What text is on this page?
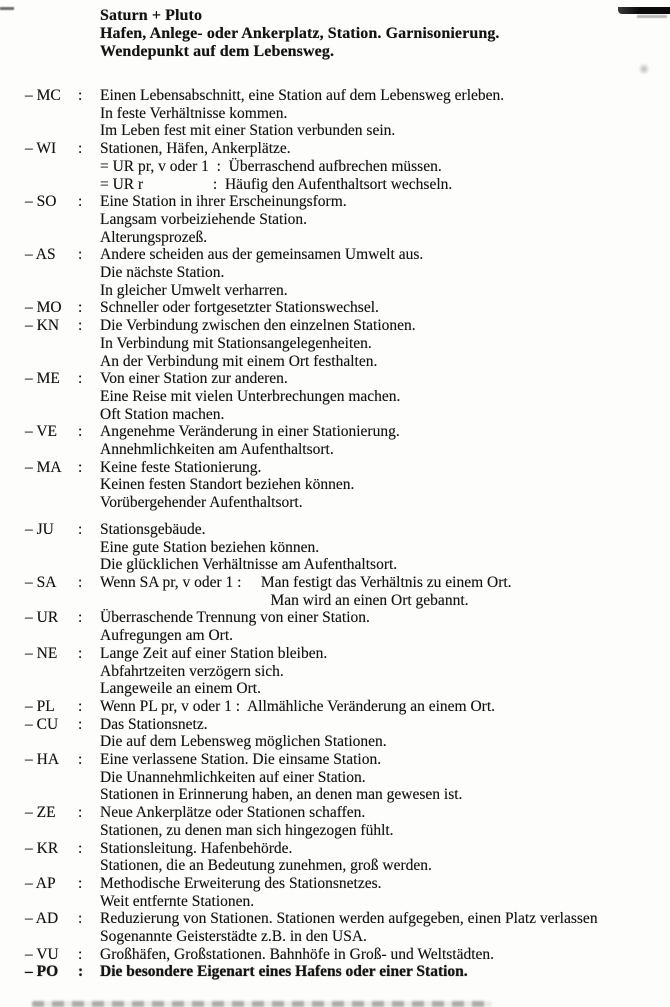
Saturn + Pluto
Hafen, Anlege- oder Ankerplatz, Station. Garnisonierung.
Wendepunkt auf dem Lebensweg.
– MC	:	Einen Lebensabschnitt, eine Station auf dem Lebensweg erleben.
In feste Verhältnisse kommen.
Im Leben fest mit einer Station verbunden sein.
– WI	:	Stationen, Häfen, Ankerplätze.
= UR pr, v oder 1  :  Überraschend aufbrechen müssen.
= UR r                  :  Häufig den Aufenthaltsort wechseln.
– SO	:	Eine Station in ihrer Erscheinungsform.
Langsam vorbeiziehende Station.
Alterungsprozeß.
– AS	:	Andere scheiden aus der gemeinsamen Umwelt aus.
Die nächste Station.
In gleicher Umwelt verharren.
– MO	:	Schneller oder fortgesetzter Stationswechsel.
– KN	:	Die Verbindung zwischen den einzelnen Stationen.
In Verbindung mit Stationsangelegenheiten.
An der Verbindung mit einem Ort festhalten.
– ME	:	Von einer Station zur anderen.
Eine Reise mit vielen Unterbrechungen machen.
Oft Station machen.
– VE	:	Angenehme Veränderung in einer Stationierung.
Annehmlichkeiten am Aufenthaltsort.
– MA	:	Keine feste Stationierung.
Keinen festen Standort beziehen können.
Vorübergehender Aufenthaltsort.
– JU	:	Stationsgebäude.
Eine gute Station beziehen können.
Die glücklichen Verhältnisse am Aufenthaltsort.
– SA	:	Wenn SA pr, v oder 1 :     Man festigt das Verhältnis zu einem Ort.
Man wird an einen Ort gebannt.
– UR	:	Überraschende Trennung von einer Station.
Aufregungen am Ort.
– NE	:	Lange Zeit auf einer Station bleiben.
Abfahrtzeiten verzögern sich.
Langeweile an einem Ort.
– PL	:	Wenn PL pr, v oder 1 :  Allmähliche Veränderung an einem Ort.
– CU	:	Das Stationsnetz.
Die auf dem Lebensweg möglichen Stationen.
– HA	:	Eine verlassene Station. Die einsame Station.
Die Unannehmlichkeiten auf einer Station.
Stationen in Erinnerung haben, an denen man gewesen ist.
– ZE	:	Neue Ankerplätze oder Stationen schaffen.
Stationen, zu denen man sich hingezogen fühlt.
– KR	:	Stationsleitung. Hafenbehörde.
Stationen, die an Bedeutung zunehmen, groß werden.
– AP	:	Methodische Erweiterung des Stationsnetzes.
Weit entfernte Stationen.
– AD	:	Reduzierung von Stationen. Stationen werden aufgegeben, einen Platz verlassen
Sogenannte Geisterstädte z.B. in den USA.
– VU	:	Großhäfen, Großstationen. Bahnhöfe in Groß- und Weltstädten.
– PO	:	Die besondere Eigenart eines Hafens oder einer Station.
